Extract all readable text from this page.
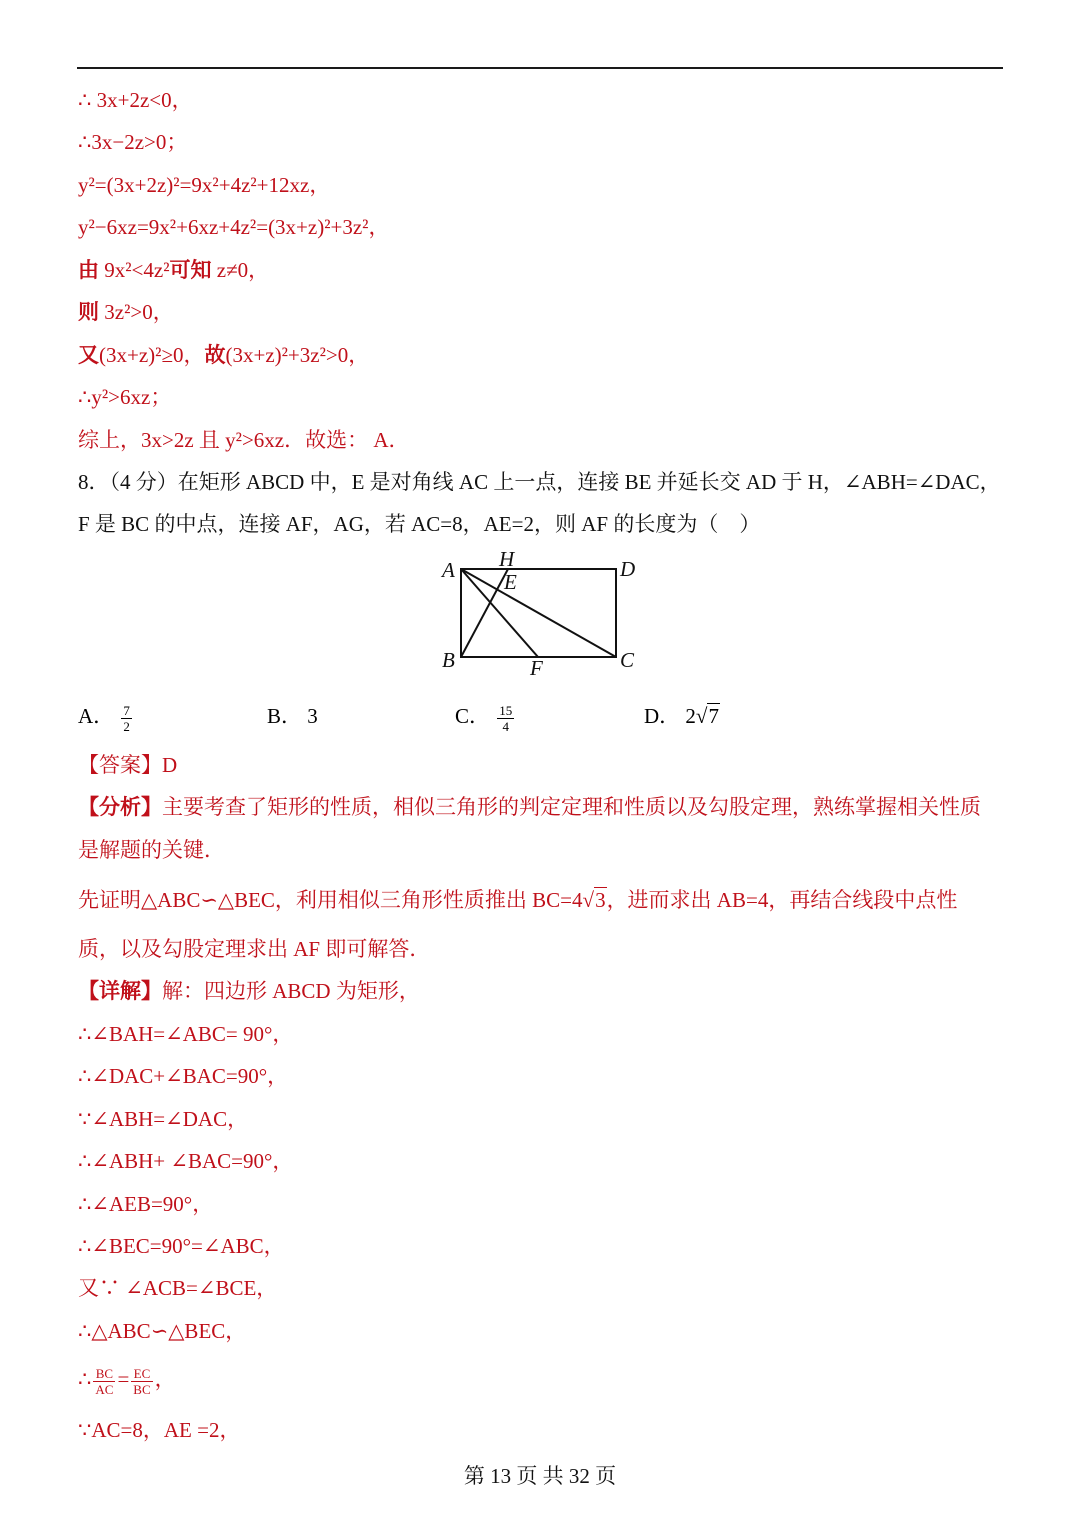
∴ 3x+2z<0，
∴3x−2z>0；
y²=(3x+2z)²=9x²+4z²+12xz，
y²−6xz=9x²+6xz+4z²=(3x+z)²+3z²，
由 9x²<4z²可知 z≠0，
则 3z²>0，
又(3x+z)²≥0，故(3x+z)²+3z²>0，
∴y²>6xz；
综上，3x>2z 且 y²>6xz．故选： A．
8．（4 分）在矩形 ABCD 中，E 是对角线 AC 上一点，连接 BE 并延长交 AD 于 H，∠ABH=∠DAC，
F 是 BC 的中点，连接 AF，AG，若 AC=8，AE=2，则 AF 的长度为（　）
A H
E
D
B	F	C
A． $\frac{7}{2}$	B． 3	C． $\frac{15}{4}$	D． 2√7
【答案】D
【分析】主要考查了矩形的性质，相似三角形的判定定理和性质以及勾股定理，熟练掌握相关性质
是解题的关键．
先证明△ABC∽△BEC，利用相似三角形性质推出 BC=4√3，进而求出 AB=4，再结合线段中点性
质，以及勾股定理求出 AF 即可解答．
【详解】解：四边形 ABCD 为矩形，
∴∠BAH=∠ABC= 90°，
∴∠DAC+∠BAC=90°，
∵∠ABH=∠DAC，
∴∠ABH+ ∠BAC=90°，
∴∠AEB=90°，
∴∠BEC=90°=∠ABC，
又∵ ∠ACB=∠BCE，
∴△ABC∽△BEC，
∴ $\frac{BC}{AC} = \frac{EC}{BC}$ ，
∵AC=8，AE =2，
第 13 页 共 32 页
